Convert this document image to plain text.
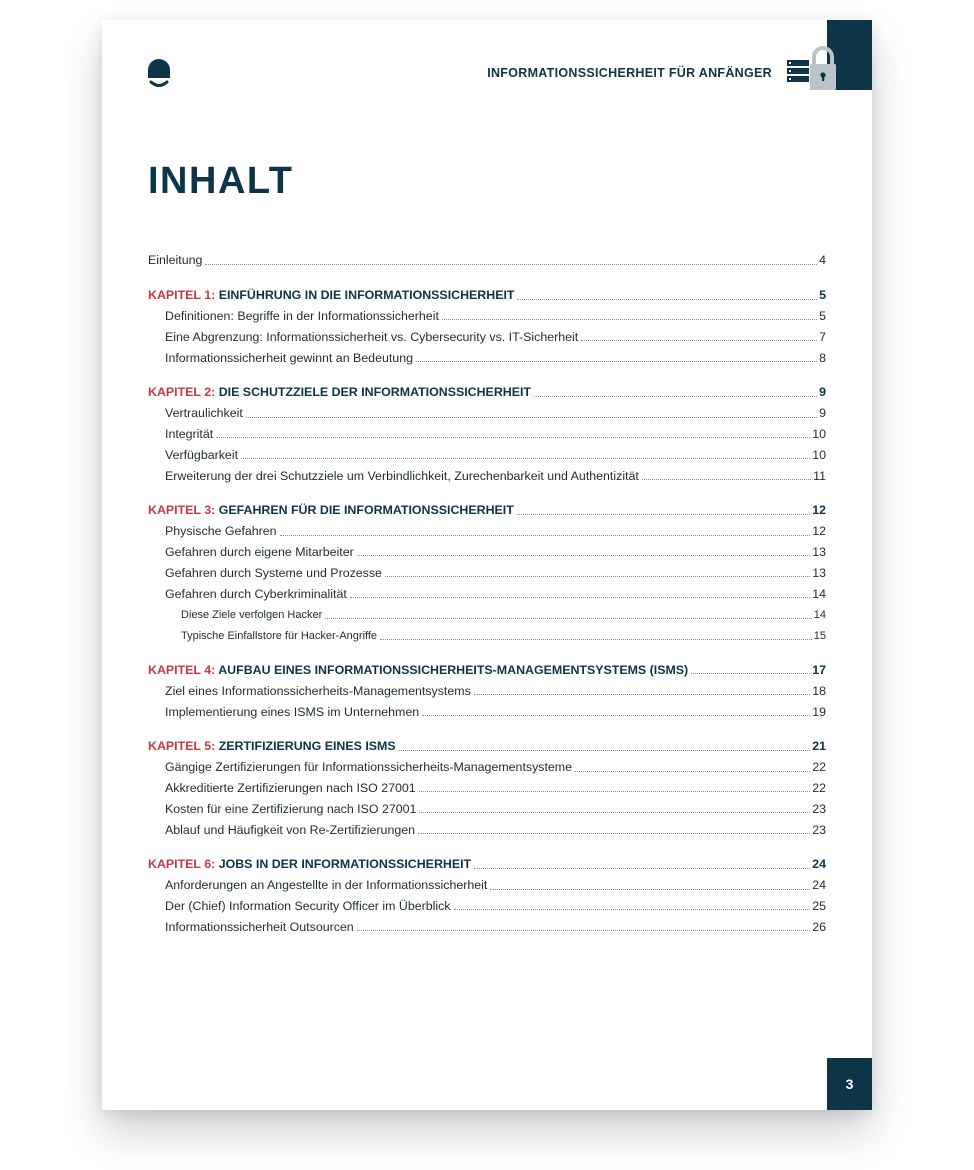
INFORMATIONSSICHERHEIT FÜR ANFÄNGER
INHALT
Einleitung	4
KAPITEL 1: EINFÜHRUNG IN DIE INFORMATIONSSICHERHEIT	5
Definitionen: Begriffe in der Informationssicherheit	5
Eine Abgrenzung: Informationssicherheit vs. Cybersecurity vs. IT-Sicherheit	7
Informationssicherheit gewinnt an Bedeutung	8
KAPITEL 2: DIE SCHUTZZIELE DER INFORMATIONSSICHERHEIT	9
Vertraulichkeit	9
Integrität	10
Verfügbarkeit	10
Erweiterung der drei Schutzziele um Verbindlichkeit, Zurechenbarkeit und Authentizität	11
KAPITEL 3: GEFAHREN FÜR DIE INFORMATIONSSICHERHEIT	12
Physische Gefahren	12
Gefahren durch eigene Mitarbeiter	13
Gefahren durch Systeme und Prozesse	13
Gefahren durch Cyberkriminalität	14
Diese Ziele verfolgen Hacker	14
Typische Einfallstore für Hacker-Angriffe	15
KAPITEL 4: AUFBAU EINES INFORMATIONSSICHERHEITS-MANAGEMENTSYSTEMS (ISMS)	17
Ziel eines Informationssicherheits-Managementsystems	18
Implementierung eines ISMS im Unternehmen	19
KAPITEL 5: ZERTIFIZIERUNG EINES ISMS	21
Gängige Zertifizierungen für Informationssicherheits-Managementsysteme	22
Akkreditierte Zertifizierungen nach ISO 27001	22
Kosten für eine Zertifizierung nach ISO 27001	23
Ablauf und Häufigkeit von Re-Zertifizierungen	23
KAPITEL 6: JOBS IN DER INFORMATIONSSICHERHEIT	24
Anforderungen an Angestellte in der Informationssicherheit	24
Der (Chief) Information Security Officer im Überblick	25
Informationssicherheit Outsourcen	26
3
